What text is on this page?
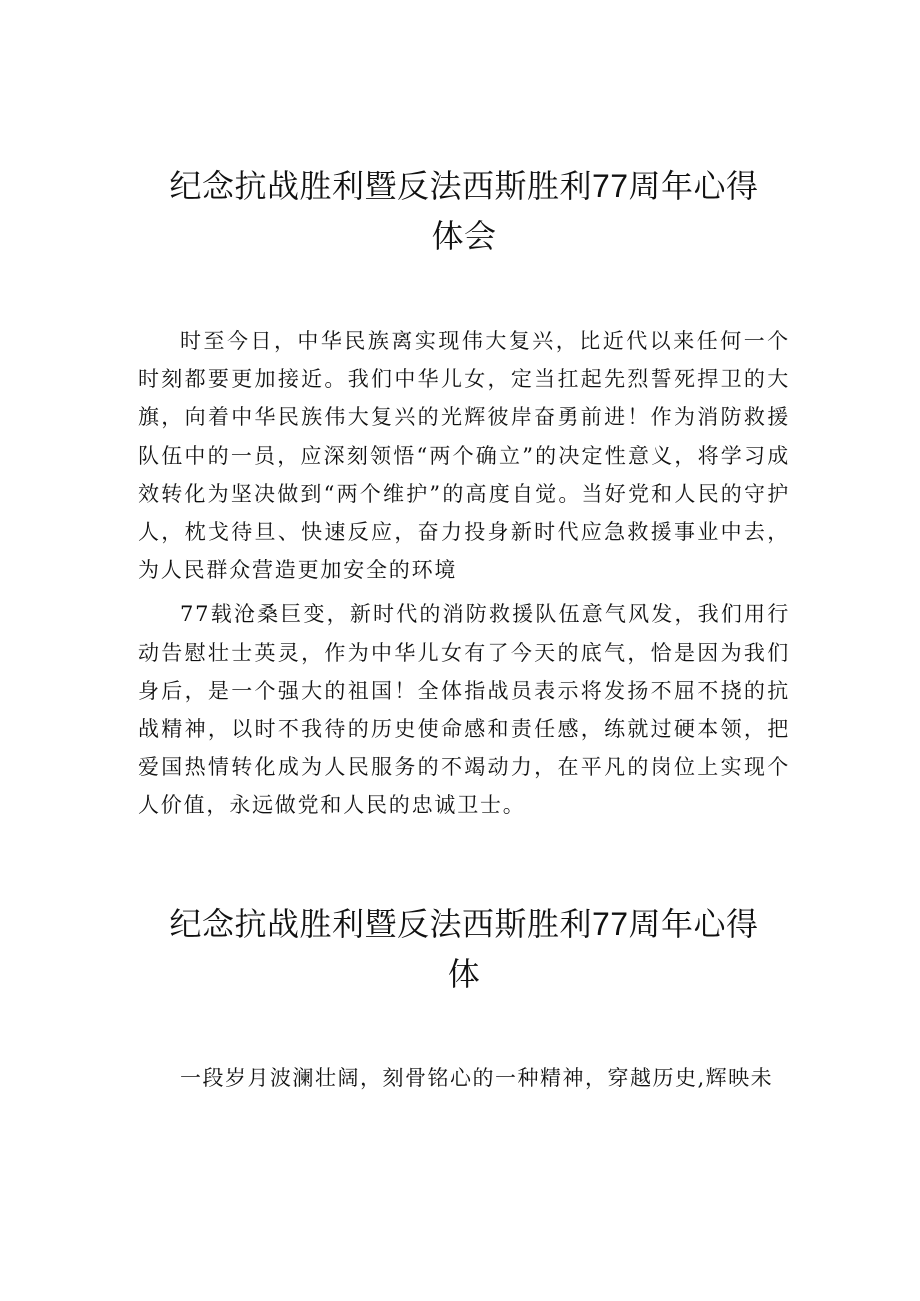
纪念抗战胜利暨反法西斯胜利77周年心得
体会

时至今日，中华民族离实现伟大复兴，比近代以来任何一个时刻都要更加接近。我们中华儿女，定当扛起先烈誓死捍卫的大旗，向着中华民族伟大复兴的光辉彼岸奋勇前进！作为消防救援队伍中的一员，应深刻领悟“两个确立”的决定性意义，将学习成效转化为坚决做到“两个维护”的高度自觉。当好党和人民的守护人，枕戈待旦、快速反应，奋力投身新时代应急救援事业中去，为人民群众营造更加安全的环境

77载沧桑巨变，新时代的消防救援队伍意气风发，我们用行动告慰壮士英灵，作为中华儿女有了今天的底气，恰是因为我们身后，是一个强大的祖国！全体指战员表示将发扬不屈不挠的抗战精神，以时不我待的历史使命感和责任感，练就过硬本领，把爱国热情转化成为人民服务的不竭动力，在平凡的岗位上实现个人价值，永远做党和人民的忠诚卫士。

纪念抗战胜利暨反法西斯胜利77周年心得
体

一段岁月波澜壮阔，刻骨铭心的一种精神，穿越历史,辉映未
